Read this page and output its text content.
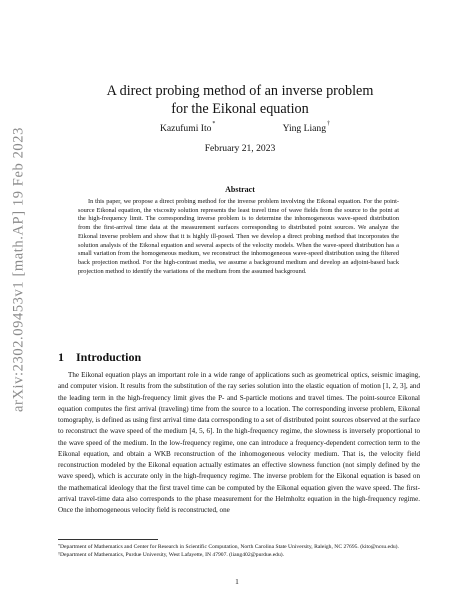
arXiv:2302.09453v1 [math.AP] 19 Feb 2023
A direct probing method of an inverse problem
for the Eikonal equation
Kazufumi Ito*	Ying Liang†
February 21, 2023
Abstract
In this paper, we propose a direct probing method for the inverse problem involving the Eikonal equation. For the point-source Eikonal equation, the viscosity solution represents the least travel time of wave fields from the source to the point at the high-frequency limit. The corresponding inverse problem is to determine the inhomogeneous wave-speed distribution from the first-arrival time data at the measurement surfaces corresponding to distributed point sources. We analyze the Eikonal inverse problem and show that it is highly ill-posed. Then we develop a direct probing method that incorporates the solution analysis of the Eikonal equation and several aspects of the velocity models. When the wave-speed distribution has a small variation from the homogeneous medium, we reconstruct the inhomogeneous wave-speed distribution using the filtered back projection method. For the high-contrast media, we assume a background medium and develop an adjoint-based back projection method to identify the variations of the medium from the assumed background.
1 Introduction
The Eikonal equation plays an important role in a wide range of applications such as geometrical optics, seismic imaging, and computer vision. It results from the substitution of the ray series solution into the elastic equation of motion [1, 2, 3], and the leading term in the high-frequency limit gives the P- and S-particle motions and travel times. The point-source Eikonal equation computes the first arrival (traveling) time from the source to a location. The corresponding inverse problem, Eikonal tomography, is defined as using first arrival time data corresponding to a set of distributed point sources observed at the surface to reconstruct the wave speed of the medium [4, 5, 6]. In the high-frequency regime, the slowness is inversely proportional to the wave speed of the medium. In the low-frequency regime, one can introduce a frequency-dependent correction term to the Eikonal equation, and obtain a WKB reconstruction of the inhomogeneous velocity medium. That is, the velocity field reconstruction modeled by the Eikonal equation actually estimates an effective slowness function (not simply defined by the wave speed), which is accurate only in the high-frequency regime. The inverse problem for the Eikonal equation is based on the mathematical ideology that the first travel time can be computed by the Eikonal equation given the wave speed. The first-arrival travel-time data also corresponds to the phase measurement for the Helmholtz equation in the high-frequency regime. Once the inhomogeneous velocity field is reconstructed, one

*Department of Mathematics and Center for Research in Scientific Computation, North Carolina State University, Raleigh, NC 27695. (kito@ncsu.edu).

†Department of Mathematics, Purdue University, West Lafayette, IN 47907. (liang402@purdue.edu).

1
